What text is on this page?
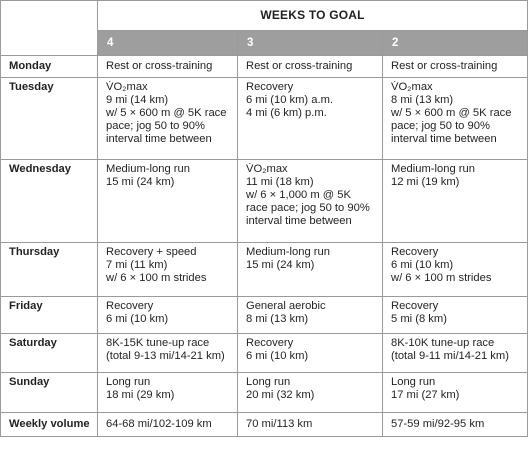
	WEEKS TO GOAL		
	4	3	2
Monday	Rest or cross-training	Rest or cross-training	Rest or cross-training

Tuesday	V̇O₂max
9 mi (14 km)
w/ 5 × 600 m @ 5K race
pace; jog 50 to 90%
interval time between	Recovery
6 mi (10 km) a.m.
4 mi (6 km) p.m.	V̇O₂max
8 mi (13 km)
w/ 5 × 600 m @ 5K race
pace; jog 50 to 90%
interval time between

Wednesday	Medium-long run
15 mi (24 km)	V̇O₂max
11 mi (18 km)
w/ 6 × 1,000 m @ 5K
race pace; jog 50 to 90%
interval time between	Medium-long run
12 mi (19 km)

Thursday	Recovery + speed
7 mi (11 km)
w/ 6 × 100 m strides	Medium-long run
15 mi (24 km)	Recovery
6 mi (10 km)
w/ 6 × 100 m strides

Friday	Recovery
6 mi (10 km)	General aerobic
8 mi (13 km)	Recovery
5 mi (8 km)

Saturday	8K-15K tune-up race
(total 9-13 mi/14-21 km)	Recovery
6 mi (10 km)	8K-10K tune-up race
(total 9-11 mi/14-21 km)

Sunday	Long run
18 mi (29 km)	Long run
20 mi (32 km)	Long run
17 mi (27 km)

Weekly volume	64-68 mi/102-109 km	70 mi/113 km	57-59 mi/92-95 km
